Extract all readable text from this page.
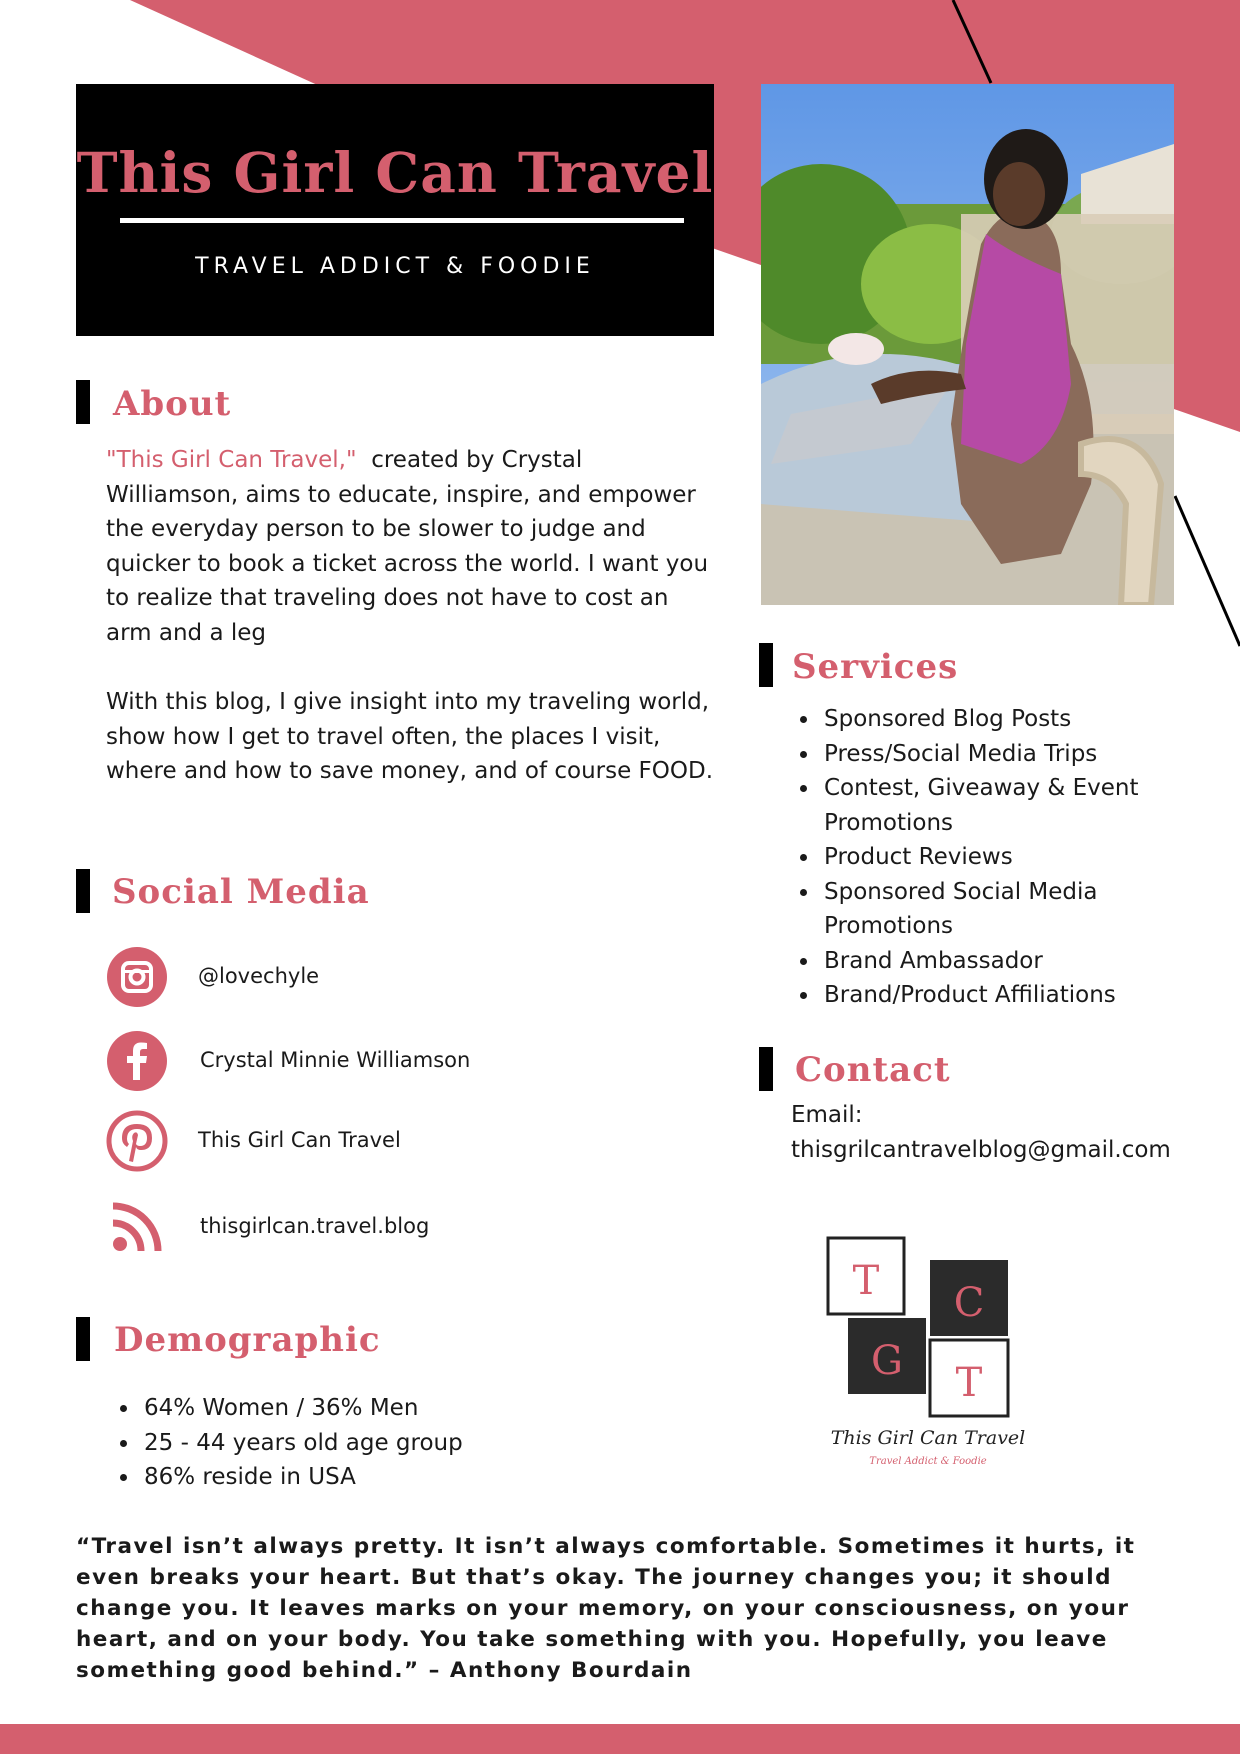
This Girl Can Travel
TRAVEL ADDICT & FOODIE
About

"This Girl Can Travel," created by Crystal Williamson, aims to educate, inspire, and empower the everyday person to be slower to judge and quicker to book a ticket across the world. I want you to realize that traveling does not have to cost an arm and a leg

With this blog, I give insight into my traveling world, show how I get to travel often, the places I visit, where and how to save money, and of course FOOD.

Social Media
@lovechyle
Crystal Minnie Williamson
This Girl Can Travel
thisgirlcan.travel.blog
Demographic
• 64% Women / 36% Men
• 25 - 44 years old age group
• 86% reside in USA
Services
• Sponsored Blog Posts
• Press/Social Media Trips
• Contest, Giveaway & Event Promotions
• Product Reviews
• Sponsored Social Media Promotions
• Brand Ambassador
• Brand/Product Affiliations
Contact
Email:
thisgrilcantravelblog@gmail.com
T C
G T
This Girl Can Travel
Travel Addict & Foodie

“Travel isn’t always pretty. It isn’t always comfortable. Sometimes it hurts, it even breaks your heart. But that’s okay. The journey changes you; it should change you. It leaves marks on your memory, on your consciousness, on your heart, and on your body. You take something with you. Hopefully, you leave something good behind.” – Anthony Bourdain
